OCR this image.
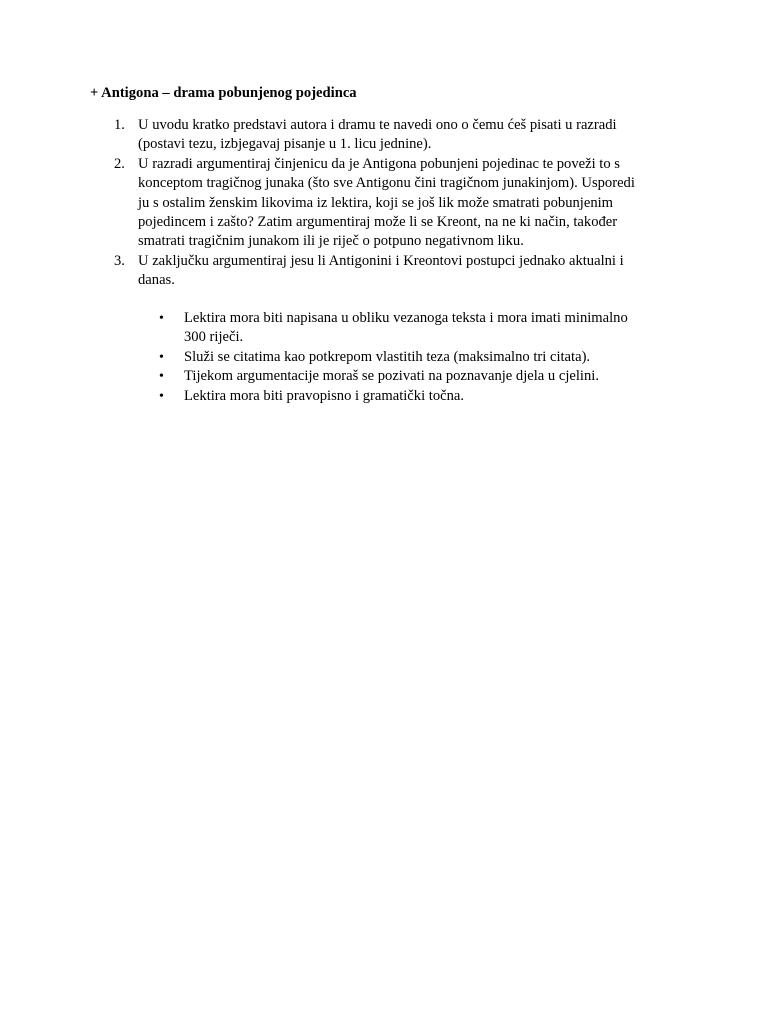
+ Antigona – drama pobunjenog pojedinca
1. U uvodu kratko predstavi autora i dramu te navedi ono o čemu ćeš pisati u razradi
(postavi tezu, izbjegavaj pisanje u 1. licu jednine).
2. U razradi argumentiraj činjenicu da je Antigona pobunjeni pojedinac te poveži to s
konceptom tragičnog junaka (što sve Antigonu čini tragičnom junakinjom). Usporedi
ju s ostalim ženskim likovima iz lektira, koji se još lik može smatrati pobunjenim
pojedincem i zašto? Zatim argumentiraj može li se Kreont, na ne ki način, također
smatrati tragičnim junakom ili je riječ o potpuno negativnom liku.
3. U zaključku argumentiraj jesu li Antigonini i Kreontovi postupci jednako aktualni i
danas.
• Lektira mora biti napisana u obliku vezanoga teksta i mora imati minimalno
300 riječi.
• Služi se citatima kao potkrepom vlastitih teza (maksimalno tri citata).
• Tijekom argumentacije moraš se pozivati na poznavanje djela u cjelini.
• Lektira mora biti pravopisno i gramatički točna.
